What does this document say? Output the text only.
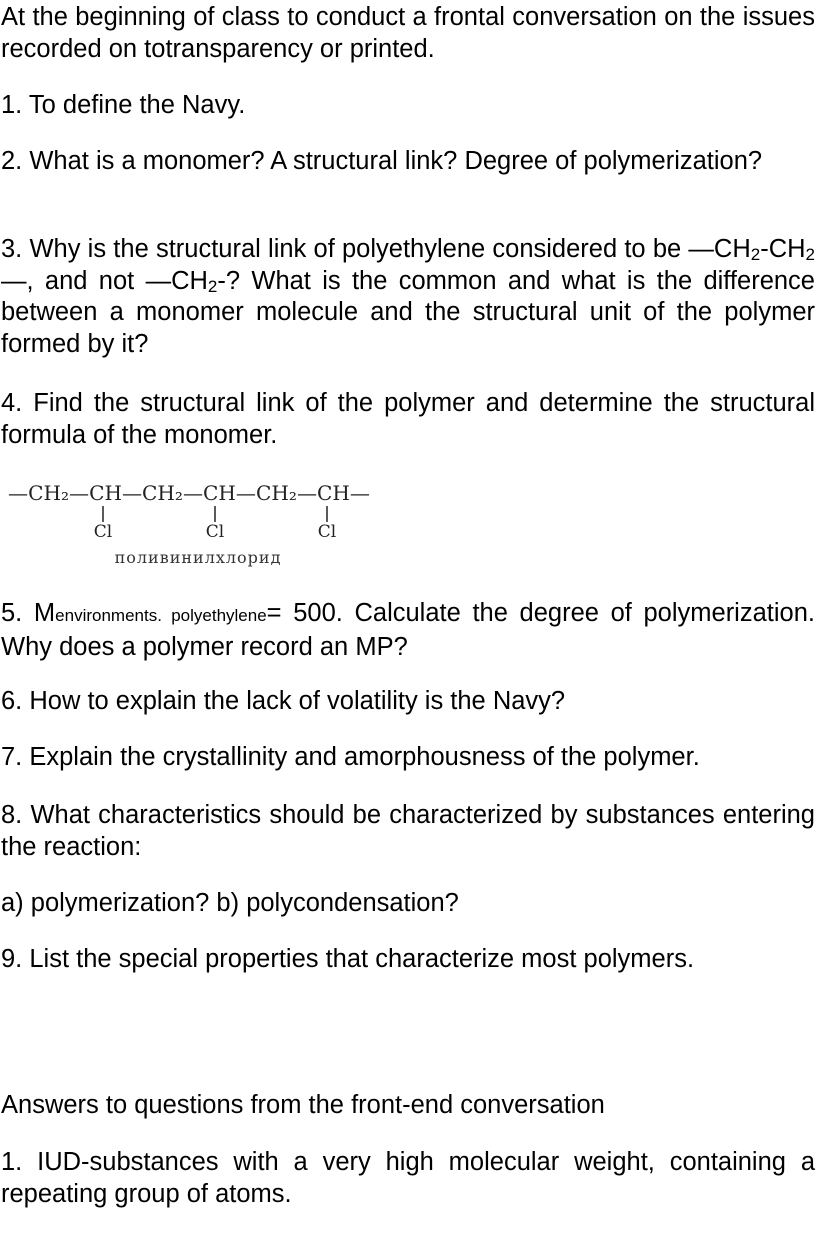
At the beginning of class to conduct a frontal conversation on the issues recorded on totransparency or printed.

1. To define the Navy.

2. What is a monomer? A structural link? Degree of polymerization?

3. Why is the structural link of polyethylene considered to be $—CH_2-CH_2—$, and not $—CH_2-$? What is the common and what is the difference between a monomer molecule and the structural unit of the polymer formed by it?

4. Find the structural link of the polymer and determine the structural formula of the monomer.

—CH₂—CH—CH₂—CH—CH₂—CH—
Cl	Cl	Cl
поливинилхлорид

5. Menvironments. polyethylene= 500. Calculate the degree of polymerization. Why does a polymer record an MP?

6. How to explain the lack of volatility is the Navy?

7. Explain the crystallinity and amorphousness of the polymer.

8. What characteristics should be characterized by substances entering the reaction:

a) polymerization? b) polycondensation?

9. List the special properties that characterize most polymers.

Answers to questions from the front-end conversation

1. IUD-substances with a very high molecular weight, containing a repeating group of atoms.
